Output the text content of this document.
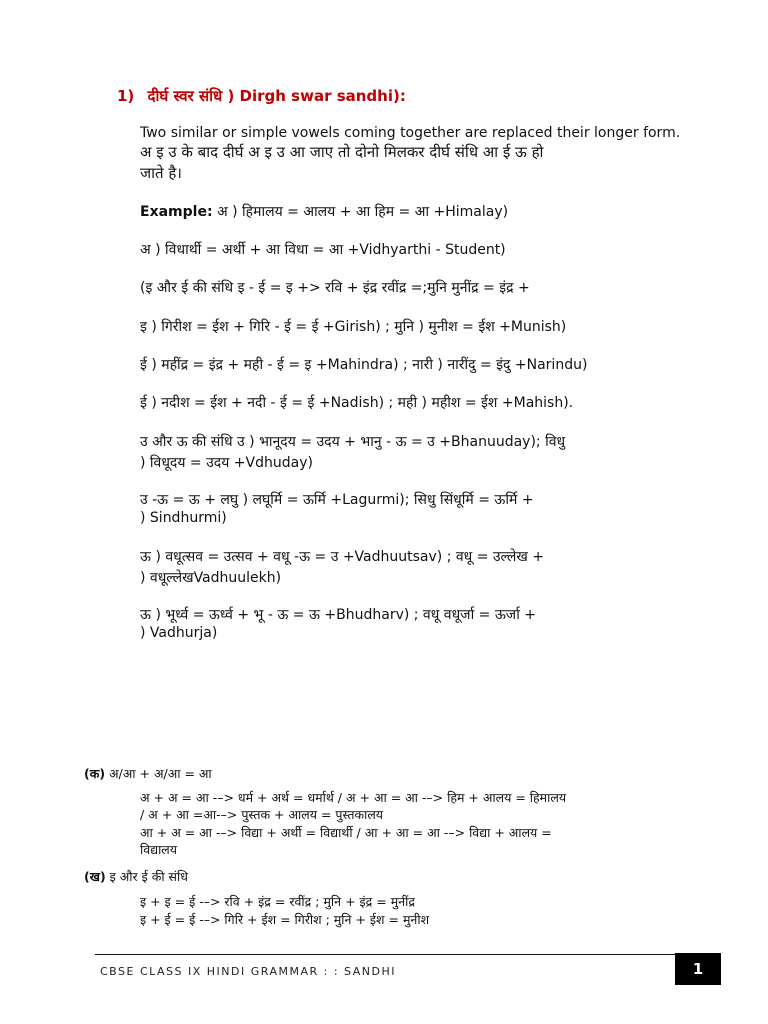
1) दीर्घ स्वर संधि ) Dirgh swar sandhi):
Two similar or simple vowels coming together are replaced their longer form.
अ इ उ के बाद दीर्घ अ इ उ आ जाए तो दोनो मिलकर दीर्घ संधि आ ई ऊ हो
जाते है।
Example: अ ) हिमालय = आलय + आ हिम = आ +Himalay)
अ ) विधार्थी = अर्थी + आ विधा = आ +Vidhyarthi - Student)
(इ और ई की संधि इ - ई = इ +> रवि + इंद्र रवींद्र =;मुनि मुनींद्र = इंद्र +
इ ) गिरीश = ईश + गिरि - ई = ई +Girish) ; मुनि ) मुनीश = ईश +Munish)
ई ) महींद्र = इंद्र + मही - ई = इ +Mahindra) ; नारी ) नारींदु = इंदु +Narindu)
ई ) नदीश = ईश + नदी - ई = ई +Nadish) ; मही ) महीश = ईश +Mahish).
उ और ऊ की संधि उ ) भानूदय = उदय + भानु - ऊ = उ +Bhanuuday); विधु
) विधूदय = उदय +Vdhuday)
उ -ऊ = ऊ + लघु ) लघूर्मि = ऊर्मि +Lagurmi); सिधु सिंधूर्मि = ऊर्मि +
) Sindhurmi)
ऊ ) वधूत्सव = उत्सव + वधू -ऊ = उ +Vadhuutsav) ; वधू = उल्लेख +
) वधूल्लेखVadhuulekh)
ऊ ) भूर्ध्व = ऊर्ध्व + भू - ऊ = ऊ +Bhudharv) ; वधू वधूर्जा = ऊर्जा +
) Vadhurja)
(क) अ/आ + अ/आ = आ
अ + अ = आ -–> धर्म + अर्थ = धर्मार्थ / अ + आ = आ -–> हिम + आलय = हिमालय
/ अ + आ =आ-–> पुस्तक + आलय = पुस्तकालय
आ + अ = आ -–> विद्या + अर्थी = विद्यार्थी / आ + आ = आ -–> विद्या + आलय =
विद्यालय
(ख) इ और ई की संधि
इ + इ = ई -–> रवि + इंद्र = रवींद्र ; मुनि + इंद्र = मुनींद्र
इ + ई = ई -–> गिरि + ईश = गिरीश ; मुनि + ईश = मुनीश
CBSE CLASS IX HINDI GRAMMAR : : SANDHI	1
